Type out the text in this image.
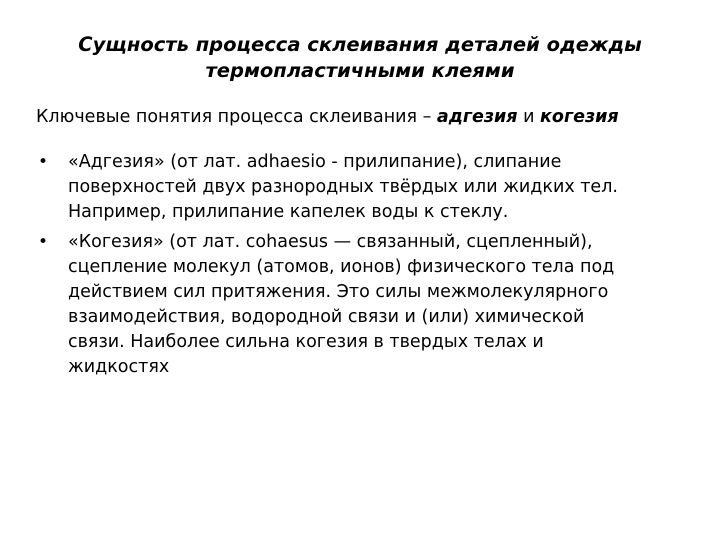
Сущность процесса склеивания деталей одежды
термопластичными клеями
Ключевые понятия процесса склеивания – адгезия и когезия
• «Адгезия» (от лат. adhaesio - прилипание), слипание
поверхностей двух разнородных твёрдых или жидких тел.
Например, прилипание капелек воды к стеклу.
• «Когезия» (от лат. cohaesus — связанный, сцепленный),
сцепление молекул (атомов, ионов) физического тела под
действием сил притяжения. Это силы межмолекулярного
взаимодействия, водородной связи и (или) химической
связи. Наиболее сильна когезия в твердых телах и
жидкостях
